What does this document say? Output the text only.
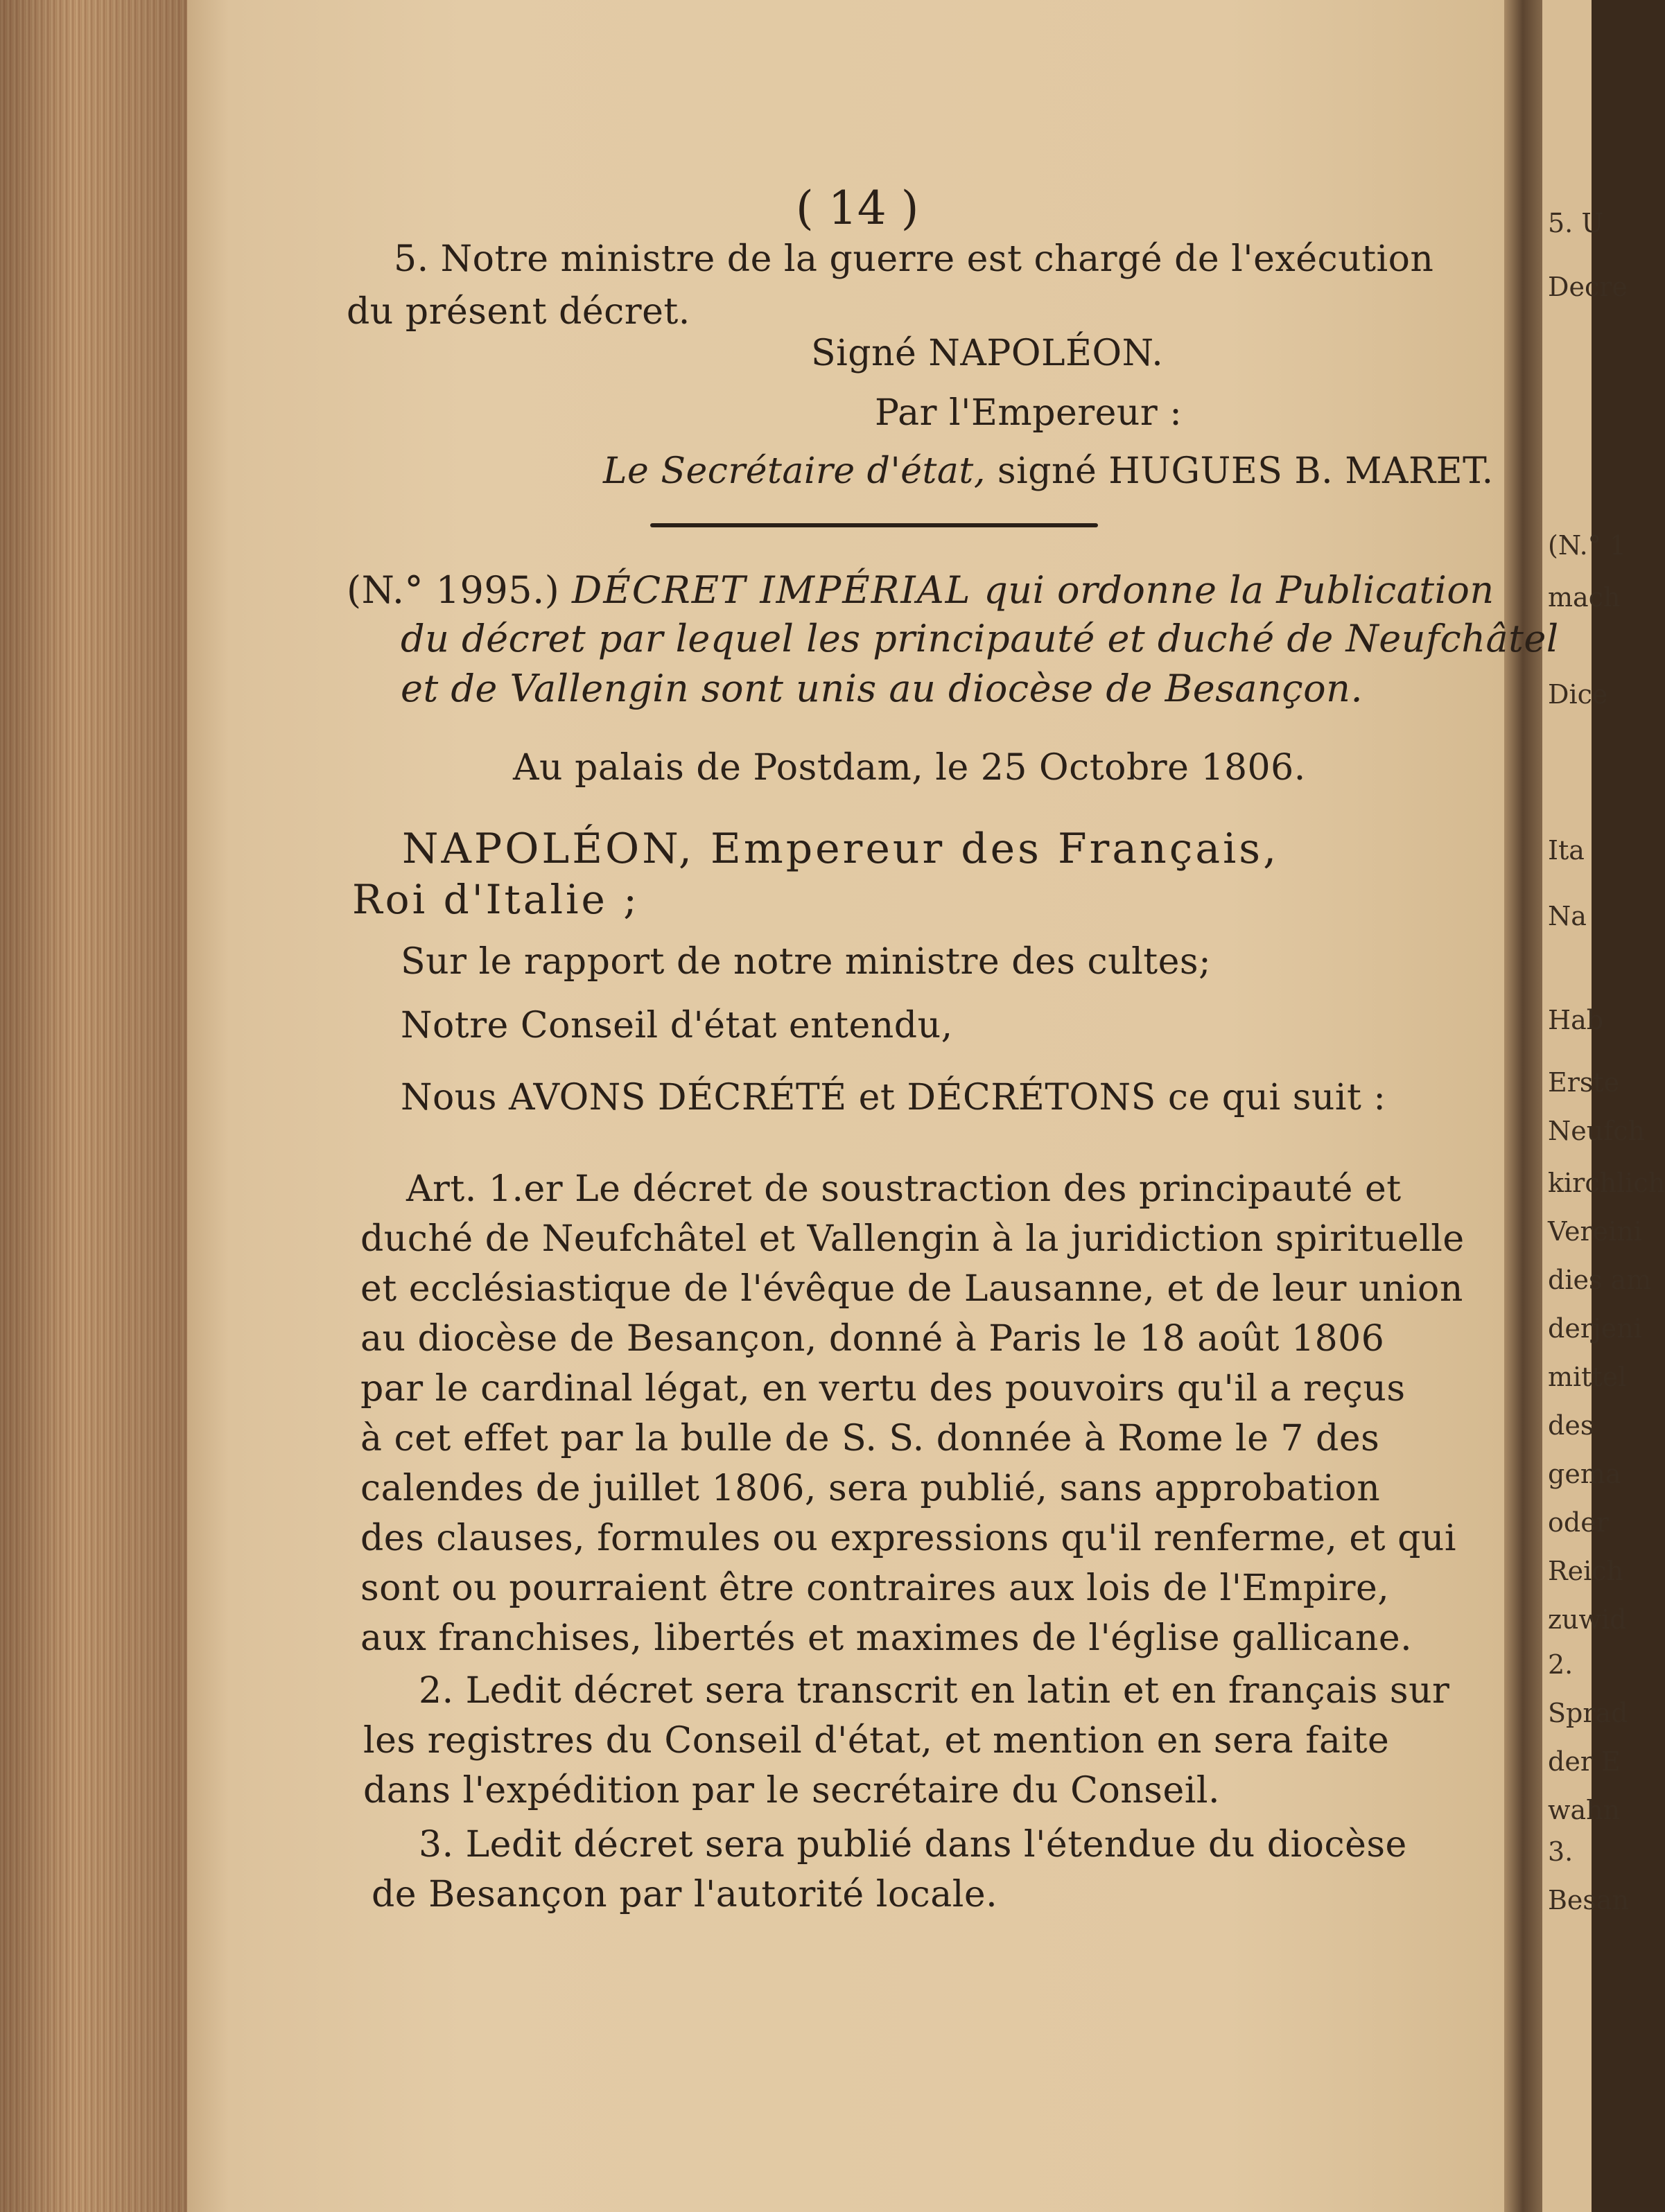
5. U
Decre
(N.° 1
mach
Dice
Na
Ita
Hab
Erste
Neufch
kirchlich
Vereini
dies am
derjeni
mittel
des
gema
oder
Reich
zuwid
2.
Sprad
der E
wahn
3.
Besan
( 14 )
5. Notre ministre de la guerre est chargé de l'exécution
du présent décret.
Signé NAPOLÉON.
Par l'Empereur :
Le Secrétaire d'état, signé HUGUES B. MARET.
(N.° 1995.) DÉCRET IMPÉRIAL qui ordonne la Publication
du décret par lequel les principauté et duché de Neufchâtel
et de Vallengin sont unis au diocèse de Besançon.
Au palais de Postdam, le 25 Octobre 1806.
NAPOLÉON, Empereur des Français,
Roi d'Italie ;
Sur le rapport de notre ministre des cultes;
Notre Conseil d'état entendu,
Nous AVONS DÉCRÉTÉ et DÉCRÉTONS ce qui suit :
Art. 1.er Le décret de soustraction des principauté et
duché de Neufchâtel et Vallengin à la juridiction spirituelle
et ecclésiastique de l'évêque de Lausanne, et de leur union
au diocèse de Besançon, donné à Paris le 18 août 1806
par le cardinal légat, en vertu des pouvoirs qu'il a reçus
à cet effet par la bulle de S. S. donnée à Rome le 7 des
calendes de juillet 1806, sera publié, sans approbation
des clauses, formules ou expressions qu'il renferme, et qui
sont ou pourraient être contraires aux lois de l'Empire,
aux franchises, libertés et maximes de l'église gallicane.
2. Ledit décret sera transcrit en latin et en français sur
les registres du Conseil d'état, et mention en sera faite
dans l'expédition par le secrétaire du Conseil.
3. Ledit décret sera publié dans l'étendue du diocèse
de Besançon par l'autorité locale.
